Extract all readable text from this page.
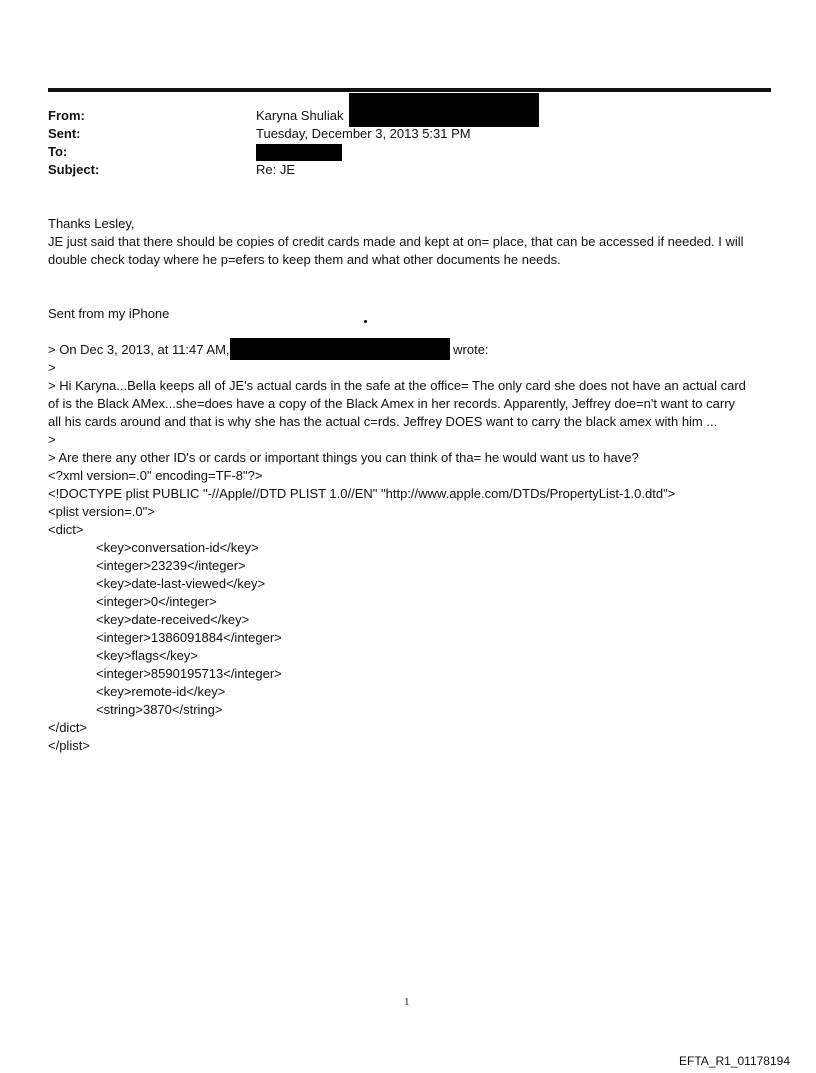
From:	Karyna Shuliak
Sent:	Tuesday, December 3, 2013 5:31 PM
To:
Subject:	Re: JE
Thanks Lesley,
JE just said that there should be copies of credit cards made and kept at on= place, that can be accessed if needed. I will
double check today where he p=efers to keep them and what other documents he needs.
Sent from my iPhone
> On Dec 3, 2013, at 11:47 AM,	wrote:
>
> Hi Karyna...Bella keeps all of JE's actual cards in the safe at the office= The only card she does not have an actual card
of is the Black AMex...she=does have a copy of the Black Amex in her records. Apparently, Jeffrey doe=n't want to carry
all his cards around and that is why she has the actual c=rds. Jeffrey DOES want to carry the black amex with him ...
>
> Are there any other ID's or cards or important things you can think of tha= he would want us to have?
<?xml version=.0" encoding=TF-8"?>
<!DOCTYPE plist PUBLIC "-//Apple//DTD PLIST 1.0//EN" "http://www.apple.com/DTDs/PropertyList-1.0.dtd">
<plist version=.0">
<dict>
<key>conversation-id</key>
<integer>23239</integer>
<key>date-last-viewed</key>
<integer>0</integer>
<key>date-received</key>
<integer>1386091884</integer>
<key>flags</key>
<integer>8590195713</integer>
<key>remote-id</key>
<string>3870</string>
</dict>
</plist>
1
EFTA_R1_01178194
